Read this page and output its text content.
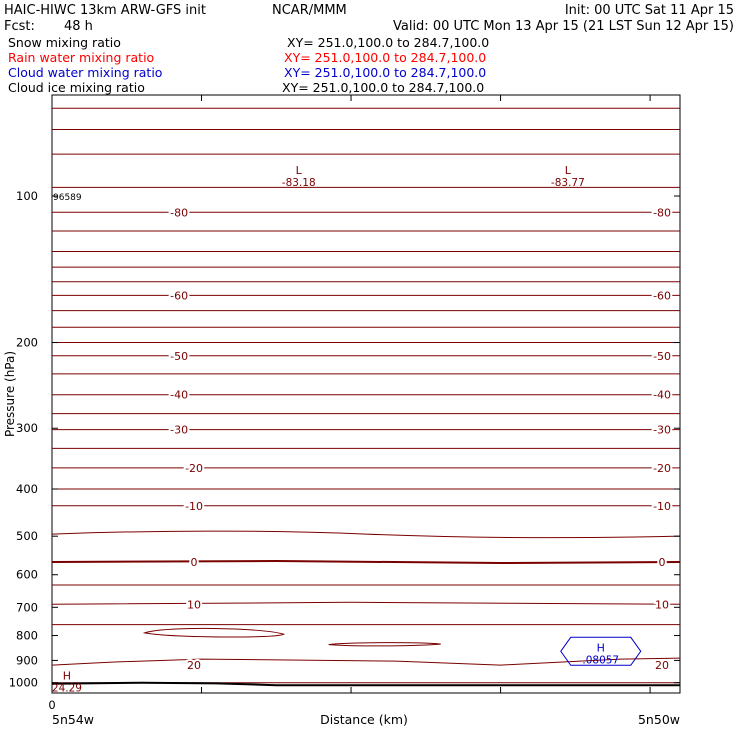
HAIC-HIWC 13km ARW-GFS init	NCAR/MMM	Init: 00 UTC Sat 11 Apr 15
Fcst: 48 h	Valid: 00 UTC Mon 13 Apr 15 (21 LST Sun 12 Apr 15)
Snow mixing ratio	XY= 251.0,100.0 to 284.7,100.0
Rain water mixing ratio	XY= 251.0,100.0 to 284.7,100.0
Cloud water mixing ratio	XY= 251.0,100.0 to 284.7,100.0
Cloud ice mixing ratio	XY= 251.0,100.0 to 284.7,100.0
-80	-80
-60	-60
-50	-50
-40	-40
-30	-30
-20	-20
-10	-10
0	0
10	10
20	20
L
-83.18
L
-83.77
H
24.29
H
.08057
96589
100
200
300
400
500
600
700
800
900
1000
Pressure (hPa)
Distance (km)
0
5n54w	5n50w
